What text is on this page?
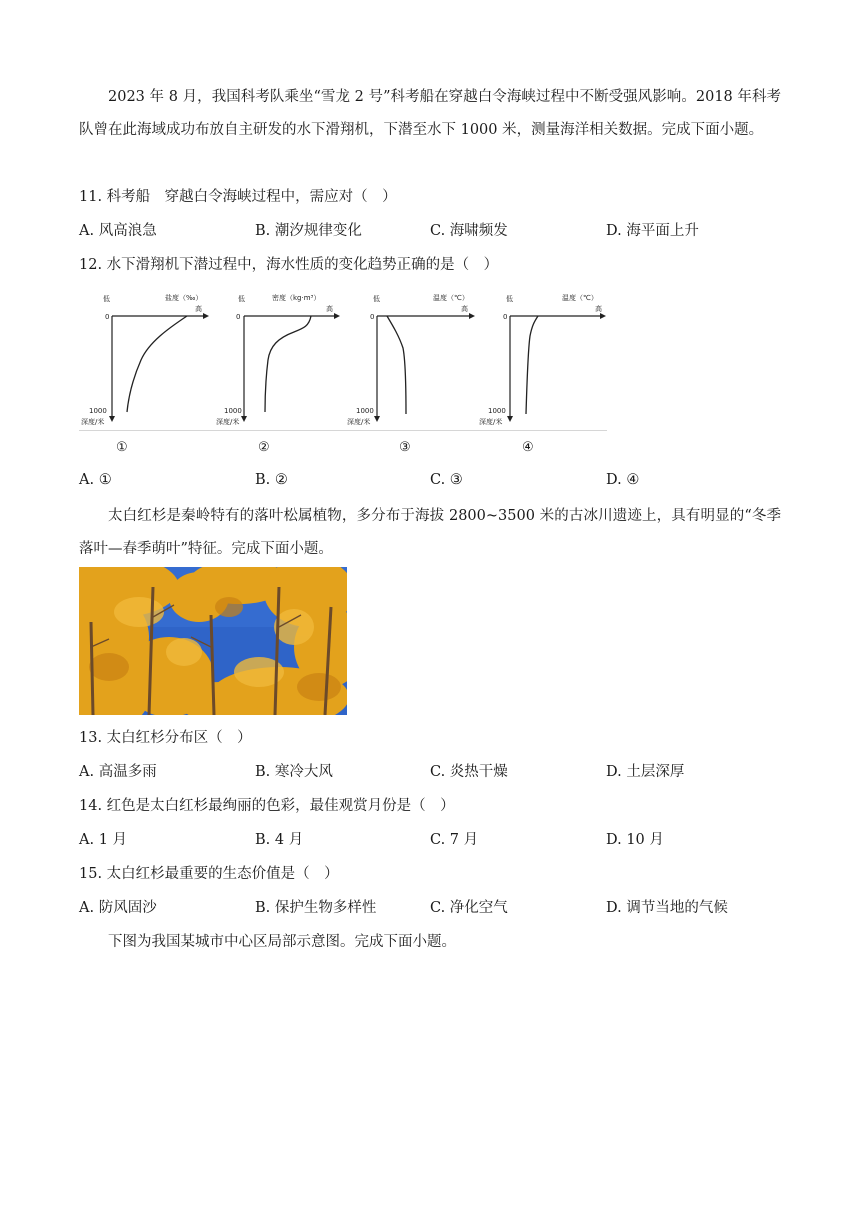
2023 年 8 月，我国科考队乘坐“雪龙 2 号”科考船在穿越白令海峡过程中不断受强风影响。2018 年科考队曾在此海域成功布放自主研发的水下滑翔机，下潜至水下 1000 米，测量海洋相关数据。完成下面小题。
11. 科考船　穿越白令海峡过程中，需应对（　）
A. 风高浪急	B. 潮汐规律变化	C. 海啸频发	D. 海平面上升
12. 水下滑翔机下潜过程中，海水性质的变化趋势正确的是（　）
低	盐度（‰）
高
0
1000
深度/米
低	密度（kg·m³）
高
0
1000
深度/米
低	温度（℃）
高
0
1000
深度/米
低	温度（℃）
高
0
1000
深度/米
①	②	③	④
A. ①	B. ②	C. ③	D. ④
太白红杉是秦岭特有的落叶松属植物，多分布于海拔 2800~3500 米的古冰川遗迹上，具有明显的“冬季落叶—春季萌叶”特征。完成下面小题。
13. 太白红杉分布区（　）
A. 高温多雨	B. 寒冷大风	C. 炎热干燥	D. 土层深厚
14. 红色是太白红杉最绚丽的色彩，最佳观赏月份是（　）
A. 1 月	B. 4 月	C. 7 月	D. 10 月
15. 太白红杉最重要的生态价值是（　）
A. 防风固沙	B. 保护生物多样性	C. 净化空气	D. 调节当地的气候
下图为我国某城市中心区局部示意图。完成下面小题。
